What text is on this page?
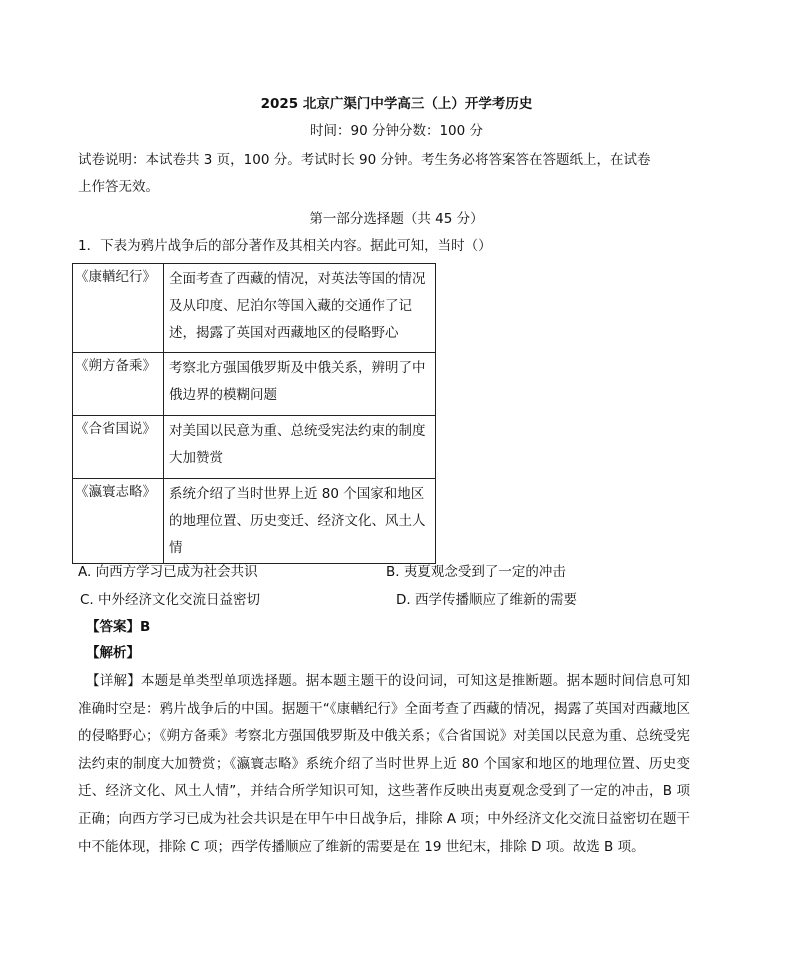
2025 北京广渠门中学高三（上）开学考历史
时间：90 分钟分数：100 分
试卷说明：本试卷共 3 页，100 分。考试时长 90 分钟。考生务必将答案答在答题纸上，在试卷
上作答无效。
第一部分选择题（共 45 分）
1．下表为鸦片战争后的部分著作及其相关内容。据此可知，当时（）
《康輶纪行》	全面考查了西藏的情况，对英法等国的情况及从印度、尼泊尔等国入藏的交通作了记述，揭露了英国对西藏地区的侵略野心
《朔方备乘》	考察北方强国俄罗斯及中俄关系，辨明了中俄边界的模糊问题
《合省国说》	对美国以民意为重、总统受宪法约束的制度大加赞赏
《瀛寰志略》	系统介绍了当时世界上近 80 个国家和地区的地理位置、历史变迁、经济文化、风土人情
A. 向西方学习已成为社会共识	B. 夷夏观念受到了一定的冲击
C. 中外经济文化交流日益密切	D. 西学传播顺应了维新的需要
【答案】B
【解析】
【详解】本题是单类型单项选择题。据本题主题干的设问词，可知这是推断题。据本题时间信息可知准确时空是：鸦片战争后的中国。据题干“《康輶纪行》全面考查了西藏的情况，揭露了英国对西藏地区的侵略野心；《朔方备乘》考察北方强国俄罗斯及中俄关系；《合省国说》对美国以民意为重、总统受宪法约束的制度大加赞赏；《瀛寰志略》系统介绍了当时世界上近 80 个国家和地区的地理位置、历史变迁、经济文化、风土人情”，并结合所学知识可知，这些著作反映出夷夏观念受到了一定的冲击，B 项正确；向西方学习已成为社会共识是在甲午中日战争后，排除 A 项；中外经济文化交流日益密切在题干中不能体现，排除 C 项；西学传播顺应了维新的需要是在 19 世纪末，排除 D 项。故选 B 项。
